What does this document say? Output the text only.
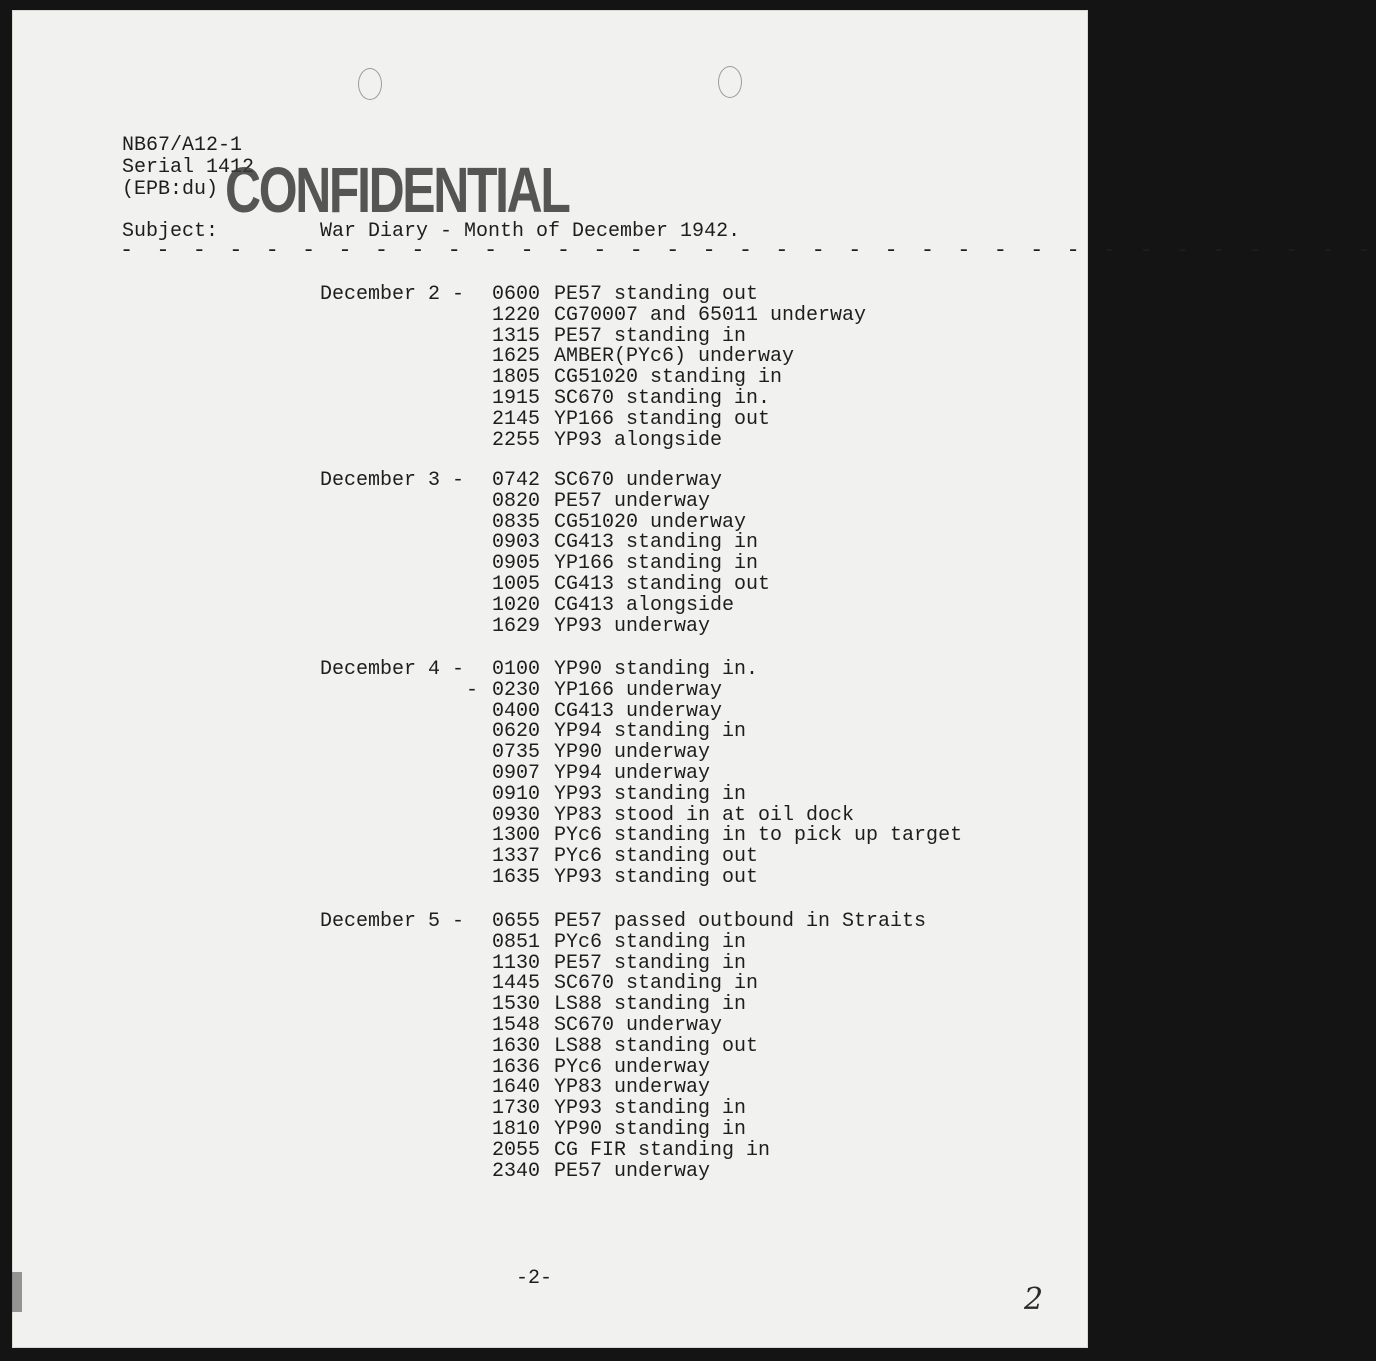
NB67/A12-1
Serial 1412
(EPB:du) CONFIDENTIAL
Subject:	War Diary - Month of December 1942.
- - - - - - - - - - - - - - - - - - - - - - - - - - - - - - - - - - -
December 2 - 0600 PE57 standing out
1220 CG70007 and 65011 underway
1315 PE57 standing in
1625 AMBER(PYc6) underway
1805 CG51020 standing in
1915 SC670 standing in.
2145 YP166 standing out
2255 YP93 alongside
December 3 - 0742 SC670 underway
0820 PE57 underway
0835 CG51020 underway
0903 CG413 standing in
0905 YP166 standing in
1005 CG413 standing out
1020 CG413 alongside
1629 YP93 underway
December 4 -
-
0100 YP90 standing in.
0230 YP166 underway
0400 CG413 underway
0620 YP94 standing in
0735 YP90 underway
0907 YP94 underway
0910 YP93 standing in
0930 YP83 stood in at oil dock
1300 PYc6 standing in to pick up target
1337 PYc6 standing out
1635 YP93 standing out
December 5 - 0655 PE57 passed outbound in Straits
0851 PYc6 standing in
1130 PE57 standing in
1445 SC670 standing in
1530 LS88 standing in
1548 SC670 underway
1630 LS88 standing out
1636 PYc6 underway
1640 YP83 underway
1730 YP93 standing in
1810 YP90 standing in
2055 CG FIR standing in
2340 PE57 underway
-2-
2
